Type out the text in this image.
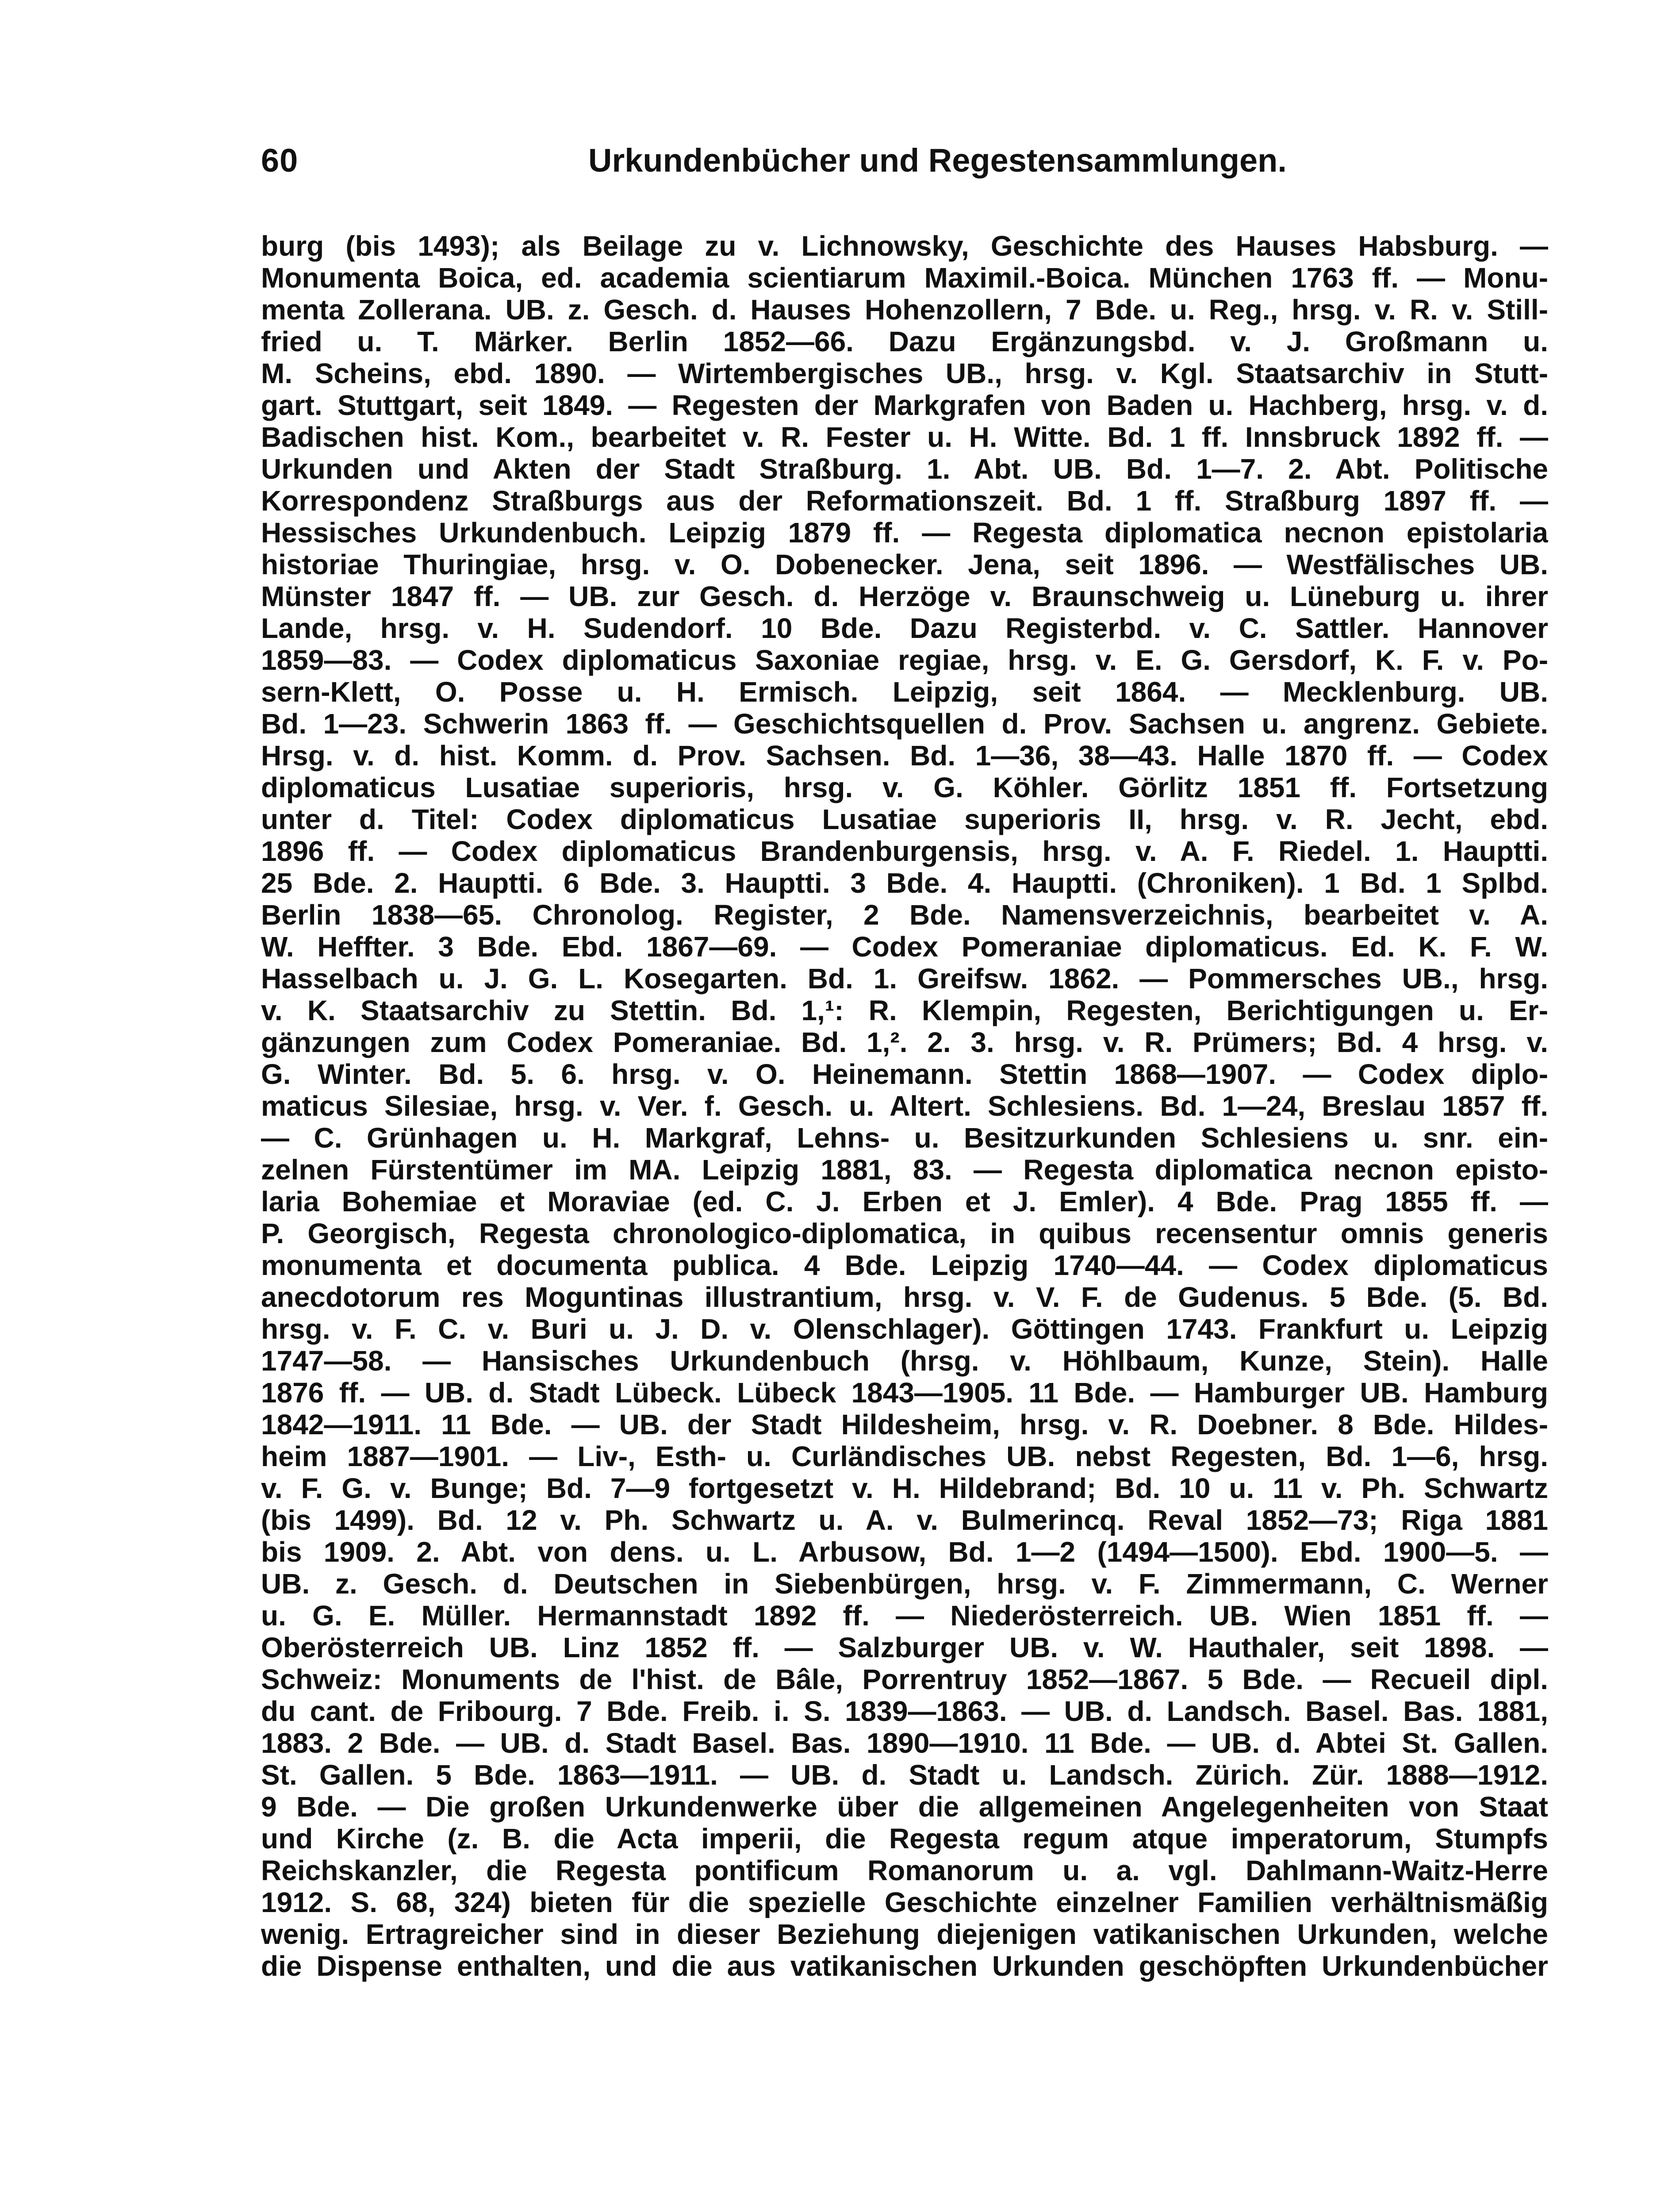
60	Urkundenbücher und Regestensammlungen.
burg (bis 1493); als Beilage zu v. Lichnowsky, Geschichte des Hauses Habsburg. —
Monumenta Boica, ed. academia scientiarum Maximil.-Boica. München 1763 ff. — Monu-
menta Zollerana. UB. z. Gesch. d. Hauses Hohenzollern, 7 Bde. u. Reg., hrsg. v. R. v. Still-
fried u. T. Märker. Berlin 1852—66. Dazu Ergänzungsbd. v. J. Großmann u.
M. Scheins, ebd. 1890. — Wirtembergisches UB., hrsg. v. Kgl. Staatsarchiv in Stutt-
gart. Stuttgart, seit 1849. — Regesten der Markgrafen von Baden u. Hachberg, hrsg. v. d.
Badischen hist. Kom., bearbeitet v. R. Fester u. H. Witte. Bd. 1 ff. Innsbruck 1892 ff. —
Urkunden und Akten der Stadt Straßburg. 1. Abt. UB. Bd. 1—7. 2. Abt. Politische
Korrespondenz Straßburgs aus der Reformationszeit. Bd. 1 ff. Straßburg 1897 ff. —
Hessisches Urkundenbuch. Leipzig 1879 ff. — Regesta diplomatica necnon epistolaria
historiae Thuringiae, hrsg. v. O. Dobenecker. Jena, seit 1896. — Westfälisches UB.
Münster 1847 ff. — UB. zur Gesch. d. Herzöge v. Braunschweig u. Lüneburg u. ihrer
Lande, hrsg. v. H. Sudendorf. 10 Bde. Dazu Registerbd. v. C. Sattler. Hannover
1859—83. — Codex diplomaticus Saxoniae regiae, hrsg. v. E. G. Gersdorf, K. F. v. Po-
sern-Klett, O. Posse u. H. Ermisch. Leipzig, seit 1864. — Mecklenburg. UB.
Bd. 1—23. Schwerin 1863 ff. — Geschichtsquellen d. Prov. Sachsen u. angrenz. Gebiete.
Hrsg. v. d. hist. Komm. d. Prov. Sachsen. Bd. 1—36, 38—43. Halle 1870 ff. — Codex
diplomaticus Lusatiae superioris, hrsg. v. G. Köhler. Görlitz 1851 ff. Fortsetzung
unter d. Titel: Codex diplomaticus Lusatiae superioris II, hrsg. v. R. Jecht, ebd.
1896 ff. — Codex diplomaticus Brandenburgensis, hrsg. v. A. F. Riedel. 1. Hauptti.
25 Bde. 2. Hauptti. 6 Bde. 3. Hauptti. 3 Bde. 4. Hauptti. (Chroniken). 1 Bd. 1 Splbd.
Berlin 1838—65. Chronolog. Register, 2 Bde. Namensverzeichnis, bearbeitet v. A.
W. Heffter. 3 Bde. Ebd. 1867—69. — Codex Pomeraniae diplomaticus. Ed. K. F. W.
Hasselbach u. J. G. L. Kosegarten. Bd. 1. Greifsw. 1862. — Pommersches UB., hrsg.
v. K. Staatsarchiv zu Stettin. Bd. 1,¹: R. Klempin, Regesten, Berichtigungen u. Er-
gänzungen zum Codex Pomeraniae. Bd. 1,². 2. 3. hrsg. v. R. Prümers; Bd. 4 hrsg. v.
G. Winter. Bd. 5. 6. hrsg. v. O. Heinemann. Stettin 1868—1907. — Codex diplo-
maticus Silesiae, hrsg. v. Ver. f. Gesch. u. Altert. Schlesiens. Bd. 1—24, Breslau 1857 ff.
— C. Grünhagen u. H. Markgraf, Lehns- u. Besitzurkunden Schlesiens u. snr. ein-
zelnen Fürstentümer im MA. Leipzig 1881, 83. — Regesta diplomatica necnon episto-
laria Bohemiae et Moraviae (ed. C. J. Erben et J. Emler). 4 Bde. Prag 1855 ff. —
P. Georgisch, Regesta chronologico-diplomatica, in quibus recensentur omnis generis
monumenta et documenta publica. 4 Bde. Leipzig 1740—44. — Codex diplomaticus
anecdotorum res Moguntinas illustrantium, hrsg. v. V. F. de Gudenus. 5 Bde. (5. Bd.
hrsg. v. F. C. v. Buri u. J. D. v. Olenschlager). Göttingen 1743. Frankfurt u. Leipzig
1747—58. — Hansisches Urkundenbuch (hrsg. v. Höhlbaum, Kunze, Stein). Halle
1876 ff. — UB. d. Stadt Lübeck. Lübeck 1843—1905. 11 Bde. — Hamburger UB. Hamburg
1842—1911. 11 Bde. — UB. der Stadt Hildesheim, hrsg. v. R. Doebner. 8 Bde. Hildes-
heim 1887—1901. — Liv-, Esth- u. Curländisches UB. nebst Regesten, Bd. 1—6, hrsg.
v. F. G. v. Bunge; Bd. 7—9 fortgesetzt v. H. Hildebrand; Bd. 10 u. 11 v. Ph. Schwartz
(bis 1499). Bd. 12 v. Ph. Schwartz u. A. v. Bulmerincq. Reval 1852—73; Riga 1881
bis 1909. 2. Abt. von dens. u. L. Arbusow, Bd. 1—2 (1494—1500). Ebd. 1900—5. —
UB. z. Gesch. d. Deutschen in Siebenbürgen, hrsg. v. F. Zimmermann, C. Werner
u. G. E. Müller. Hermannstadt 1892 ff. — Niederösterreich. UB. Wien 1851 ff. —
Oberösterreich UB. Linz 1852 ff. — Salzburger UB. v. W. Hauthaler, seit 1898. —
Schweiz: Monuments de l'hist. de Bâle, Porrentruy 1852—1867. 5 Bde. — Recueil dipl.
du cant. de Fribourg. 7 Bde. Freib. i. S. 1839—1863. — UB. d. Landsch. Basel. Bas. 1881,
1883. 2 Bde. — UB. d. Stadt Basel. Bas. 1890—1910. 11 Bde. — UB. d. Abtei St. Gallen.
St. Gallen. 5 Bde. 1863—1911. — UB. d. Stadt u. Landsch. Zürich. Zür. 1888—1912.
9 Bde. — Die großen Urkundenwerke über die allgemeinen Angelegenheiten von Staat
und Kirche (z. B. die Acta imperii, die Regesta regum atque imperatorum, Stumpfs
Reichskanzler, die Regesta pontificum Romanorum u. a. vgl. Dahlmann-Waitz-Herre
1912. S. 68, 324) bieten für die spezielle Geschichte einzelner Familien verhältnismäßig
wenig. Ertragreicher sind in dieser Beziehung diejenigen vatikanischen Urkunden, welche
die Dispense enthalten, und die aus vatikanischen Urkunden geschöpften Urkundenbücher
